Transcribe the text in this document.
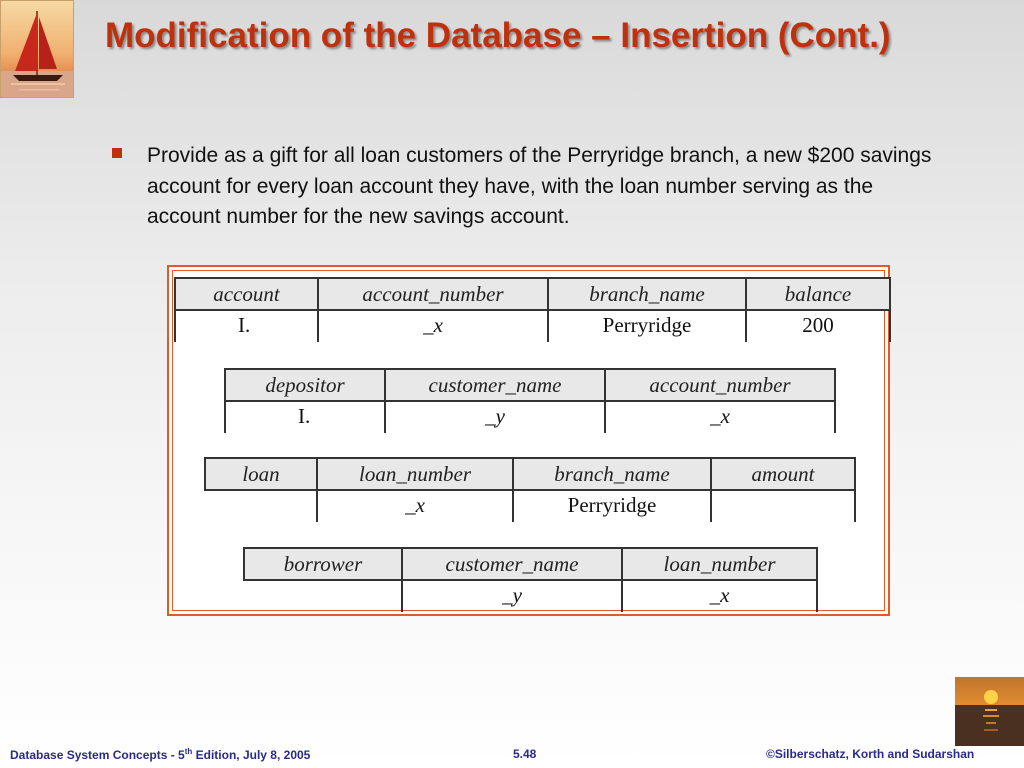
Modification of the Database – Insertion (Cont.)
Provide as a gift for all loan customers of the Perryridge branch, a new $200 savings account for every loan account they have, with the loan number serving as the account number for the new savings account.
account	account_number	branch_name	balance
I.	_x	Perryridge	200
depositor	customer_name	account_number
I.	_y	_x
loan	loan_number	branch_name	amount
	_x	Perryridge	
borrower	customer_name	loan_number
	_y	_x
Database System Concepts - 5th Edition, July 8, 2005	5.48	©Silberschatz, Korth and Sudarshan
